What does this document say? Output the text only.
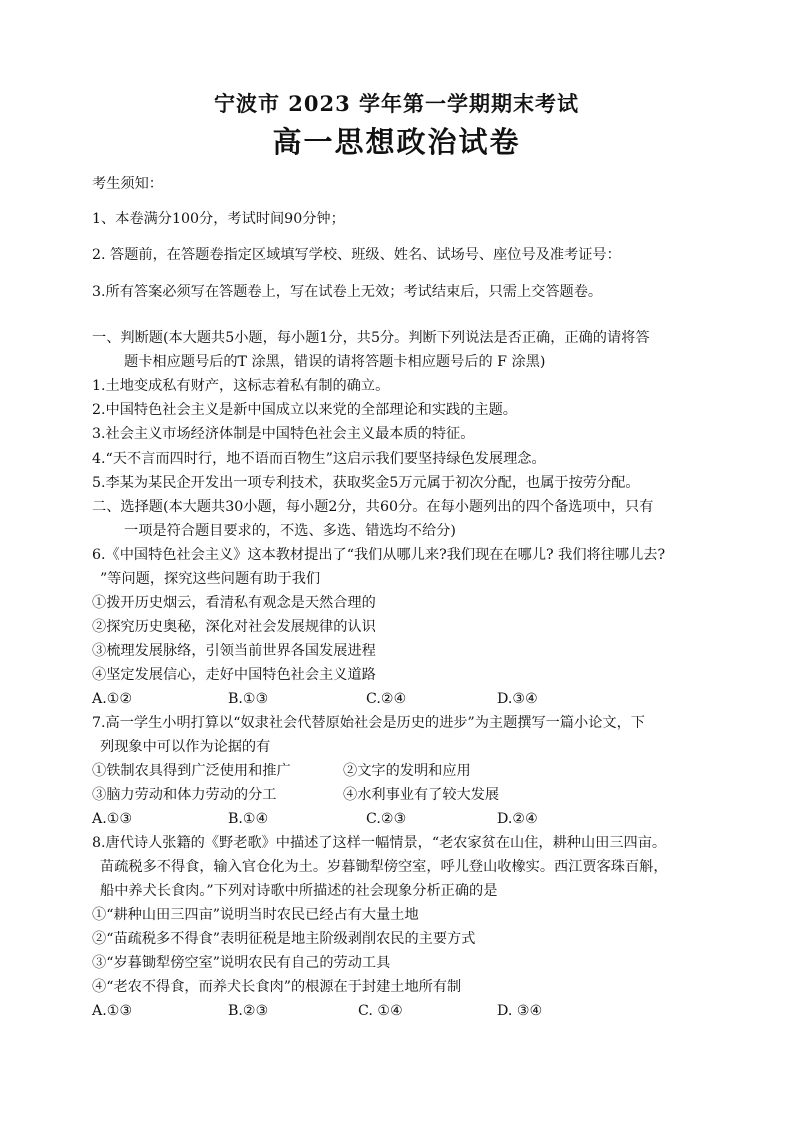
宁波市 2023 学年第一学期期末考试
高一思想政治试卷
考生须知：
1、本卷满分100分，考试时间90分钟；
2. 答题前，在答题卷指定区域填写学校、班级、姓名、试场号、座位号及准考证号：
3.所有答案必须写在答题卷上，写在试卷上无效；考试结束后，只需上交答题卷。
一、判断题(本大题共5小题，每小题1分，共5分。判断下列说法是否正确，正确的请将答
题卡相应题号后的T 涂黑，错误的请将答题卡相应题号后的 F 涂黑)
1.土地变成私有财产，这标志着私有制的确立。
2.中国特色社会主义是新中国成立以来党的全部理论和实践的主题。
3.社会主义市场经济体制是中国特色社会主义最本质的特征。
4.“天不言而四时行，地不语而百物生”这启示我们要坚持绿色发展理念。
5.李某为某民企开发出一项专利技术，获取奖金5万元属于初次分配，也属于按劳分配。
二、选择题(本大题共30小题，每小题2分，共60分。在每小题列出的四个备选项中，只有
一项是符合题目要求的，不选、多选、错选均不给分)
6.《中国特色社会主义》这本教材提出了“我们从哪儿来?我们现在在哪儿? 我们将往哪儿去?
”等问题，探究这些问题有助于我们
①拨开历史烟云，看清私有观念是天然合理的
②探究历史奥秘，深化对社会发展规律的认识
③梳理发展脉络，引领当前世界各国发展进程
④坚定发展信心，走好中国特色社会主义道路
A.①②	B.①③	C.②④	D.③④
7.高一学生小明打算以“奴隶社会代替原始社会是历史的进步”为主题撰写一篇小论文，下
列现象中可以作为论据的有
①铁制农具得到广泛使用和推广	②文字的发明和应用
③脑力劳动和体力劳动的分工	④水利事业有了较大发展
A.①③	B.①④	C.②③	D.②④
8.唐代诗人张籍的《野老歌》中描述了这样一幅情景，“老农家贫在山住，耕种山田三四亩。
苗疏税多不得食，输入官仓化为土。岁暮锄犁傍空室，呼儿登山收橡实。西江贾客珠百斛，
船中养犬长食肉。”下列对诗歌中所描述的社会现象分析正确的是
①“耕种山田三四亩”说明当时农民已经占有大量土地
②“苗疏税多不得食”表明征税是地主阶级剥削农民的主要方式
③“岁暮锄犁傍空室”说明农民有自己的劳动工具
④“老农不得食，而养犬长食肉”的根源在于封建土地所有制
A.①③	B.②③	C. ①④	D. ③④
